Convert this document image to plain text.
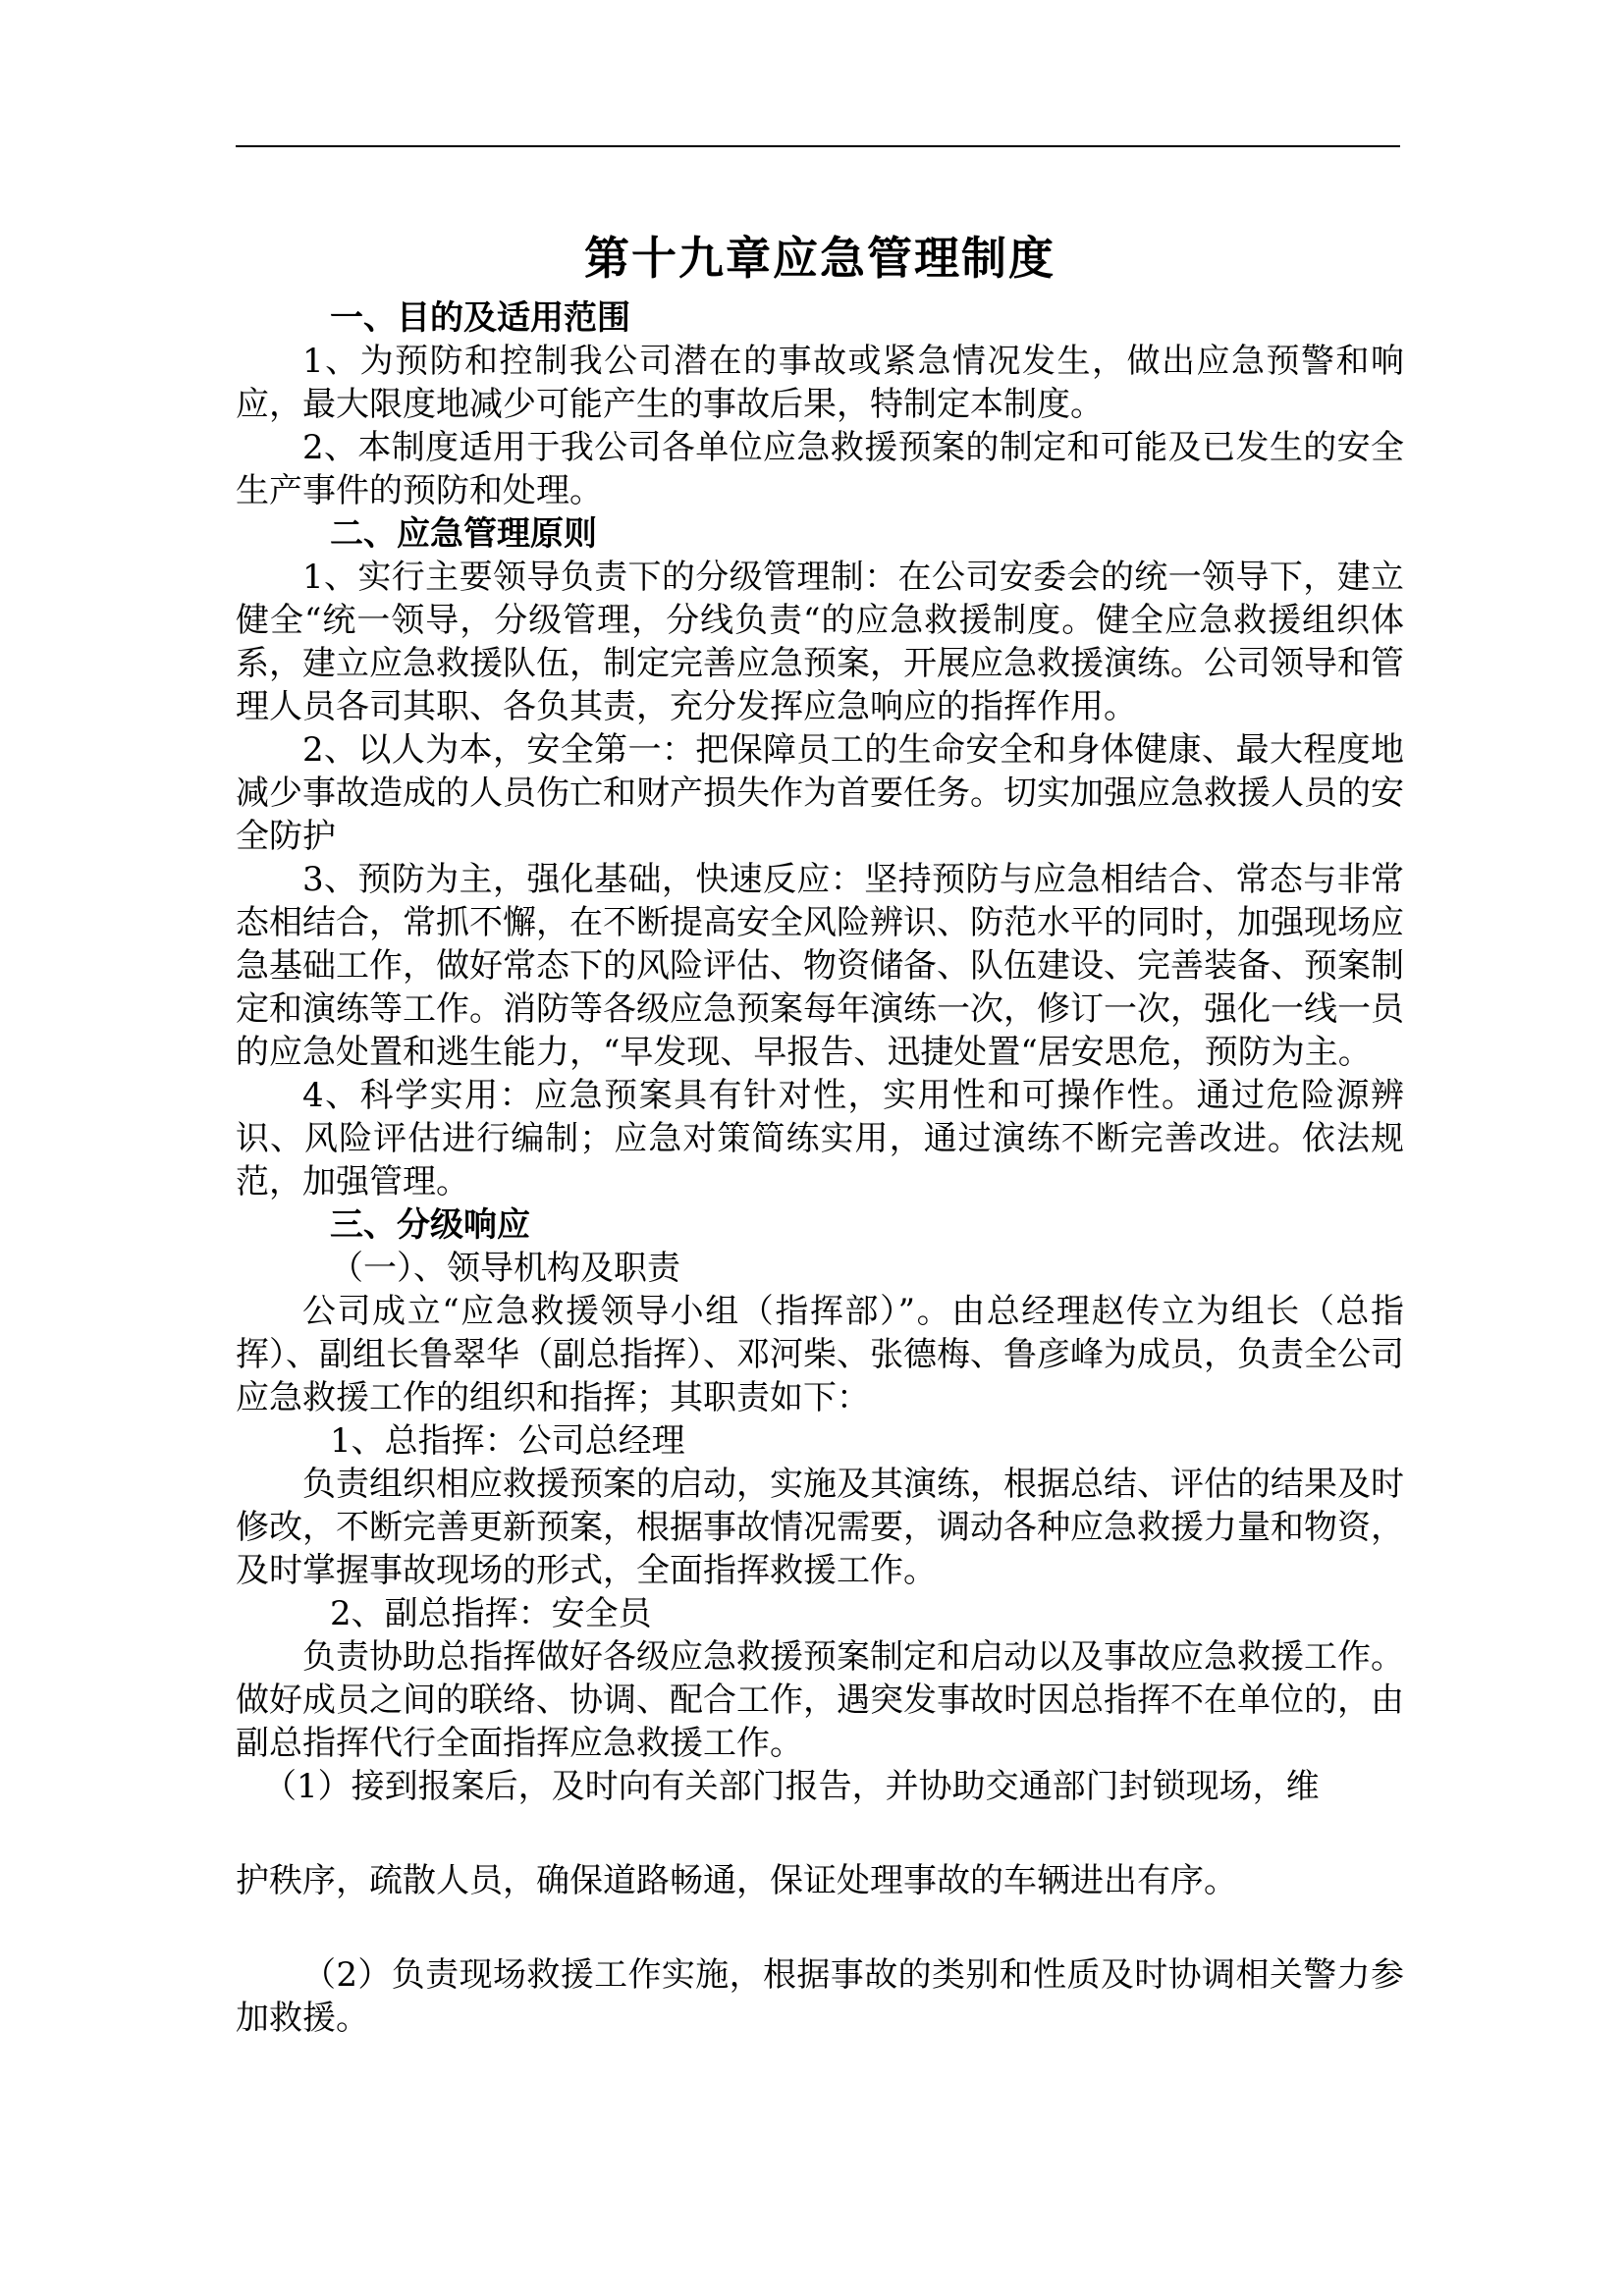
第十九章应急管理制度
一、目的及适用范围

1、为预防和控制我公司潜在的事故或紧急情况发生，做出应急预警和响应，最大限度地减少可能产生的事故后果，特制定本制度。

2、本制度适用于我公司各单位应急救援预案的制定和可能及已发生的安全生产事件的预防和处理。

二、应急管理原则

1、实行主要领导负责下的分级管理制：在公司安委会的统一领导下，建立健全“统一领导，分级管理，分线负责“的应急救援制度。健全应急救援组织体系，建立应急救援队伍，制定完善应急预案，开展应急救援演练。公司领导和管理人员各司其职、各负其责，充分发挥应急响应的指挥作用。

2、以人为本，安全第一：把保障员工的生命安全和身体健康、最大程度地减少事故造成的人员伤亡和财产损失作为首要任务。切实加强应急救援人员的安全防护

3、预防为主，强化基础，快速反应：坚持预防与应急相结合、常态与非常态相结合，常抓不懈，在不断提高安全风险辨识、防范水平的同时，加强现场应急基础工作，做好常态下的风险评估、物资储备、队伍建设、完善装备、预案制定和演练等工作。消防等各级应急预案每年演练一次，修订一次，强化一线一员的应急处置和逃生能力，“早发现、早报告、迅捷处置“居安思危，预防为主。

4、科学实用：应急预案具有针对性，实用性和可操作性。通过危险源辨识、风险评估进行编制；应急对策简练实用，通过演练不断完善改进。依法规范，加强管理。

三、分级响应
（一）、领导机构及职责

公司成立“应急救援领导小组（指挥部）”。由总经理赵传立为组长（总指挥）、副组长鲁翠华（副总指挥）、邓河柴、张德梅、鲁彦峰为成员，负责全公司应急救援工作的组织和指挥；其职责如下：

1、总指挥：公司总经理

负责组织相应救援预案的启动，实施及其演练，根据总结、评估的结果及时修改，不断完善更新预案，根据事故情况需要，调动各种应急救援力量和物资，及时掌握事故现场的形式，全面指挥救援工作。

2、副总指挥：安全员

负责协助总指挥做好各级应急救援预案制定和启动以及事故应急救援工作。做好成员之间的联络、协调、配合工作，遇突发事故时因总指挥不在单位的，由副总指挥代行全面指挥应急救援工作。

（1）接到报案后，及时向有关部门报告，并协助交通部门封锁现场，维
护秩序，疏散人员，确保道路畅通，保证处理事故的车辆进出有序。

（2）负责现场救援工作实施，根据事故的类别和性质及时协调相关警力参加救援。
